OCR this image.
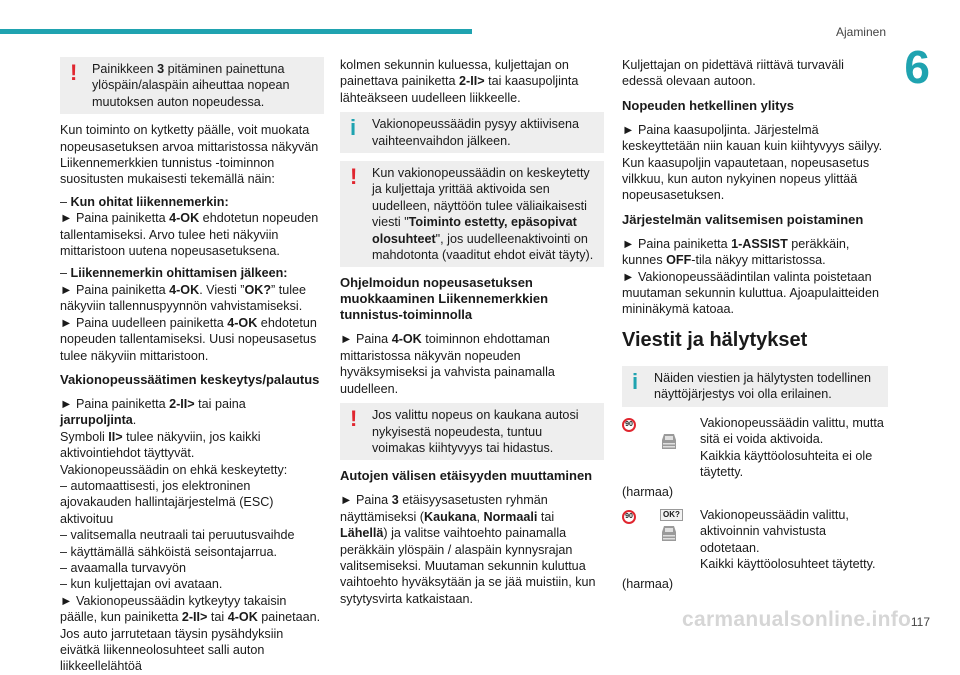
Ajaminen
6
!	Painikkeen 3 pitäminen painettuna ylöspäin/alaspäin aiheuttaa nopean muutoksen auton nopeudessa.

Kun toiminto on kytketty päälle, voit muokata nopeusasetuksen arvoa mittaristossa näkyvän Liikennemerkkien tunnistus -toiminnon suositusten mukaisesti tekemällä näin:

– Kun ohitat liikennemerkin:

► Paina painiketta 4-OK ehdotetun nopeuden tallentamiseksi. Arvo tulee heti näkyviin mittaristoon uutena nopeusasetuksena.

– Liikennemerkin ohittamisen jälkeen:
► Paina painiketta 4-OK. Viesti ”OK?” tulee näkyviin tallennuspyynnön vahvistamiseksi.

► Paina uudelleen painiketta 4-OK ehdotetun nopeuden tallentamiseksi. Uusi nopeusasetus tulee näkyviin mittaristoon.

Vakionopeussäätimen keskeytys/palautus
► Paina painiketta 2-II> tai paina jarrupoljinta.
Symboli II> tulee näkyviin, jos kaikki aktivointiehdot täyttyvät.
Vakionopeussäädin on ehkä keskeytetty:
– automaattisesti, jos elektroninen ajovakauden hallintajärjestelmä (ESC) aktivoituu
– valitsemalla neutraali tai peruutusvaihde
– käyttämällä sähköistä seisontajarrua.
– avaamalla turvavyön
– kun kuljettajan ovi avataan.
► Vakionopeussäädin kytkeytyy takaisin päälle, kun painiketta 2-II> tai 4-OK painetaan.
Jos auto jarrutetaan täysin pysähdyksiin eivätkä liikenneolosuhteet salli auton liikkeellelähtöä

kolmen sekunnin kuluessa, kuljettajan on painettava painiketta 2-II> tai kaasupoljinta lähteäkseen uudelleen liikkeelle.

i	Vakionopeussäädin pysyy aktiivisena vaihteenvaihdon jälkeen.
!	Kun vakionopeussäädin on keskeytetty ja kuljettaja yrittää aktivoida sen uudelleen, näyttöön tulee väliaikaisesti viesti "Toiminto estetty, epäsopivat olosuhteet", jos uudelleenaktivointi on mahdotonta (vaaditut ehdot eivät täyty).
Ohjelmoidun nopeusasetuksen muokkaaminen Liikennemerkkien tunnistus-toiminnolla

► Paina 4-OK toiminnon ehdottaman mittaristossa näkyvän nopeuden hyväksymiseksi ja vahvista painamalla uudelleen.

!	Jos valittu nopeus on kaukana autosi nykyisestä nopeudesta, tuntuu voimakas kiihtyvyys tai hidastus.
Autojen välisen etäisyyden muuttaminen

► Paina 3 etäisyysasetusten ryhmän näyttämiseksi (Kaukana, Normaali tai Lähellä) ja valitse vaihtoehto painamalla peräkkäin ylöspäin / alaspäin kynnysrajan valitsemiseksi. Muutaman sekunnin kuluttua vaihtoehto hyväksytään ja se jää muistiin, kun sytytysvirta katkaistaan.

Kuljettajan on pidettävä riittävä turvaväli edessä olevaan autoon.

Nopeuden hetkellinen ylitys

► Paina kaasupoljinta. Järjestelmä keskeyttetään niin kauan kuin kiihtyvyys säilyy. Kun kaasupoljin vapautetaan, nopeusasetus vilkkuu, kun auton nykyinen nopeus ylittää nopeusasetuksen.

Järjestelmän valitsemisen poistaminen
► Paina painiketta 1-ASSIST peräkkäin, kunnes OFF-tila näkyy mittaristossa.

► Vakionopeussäädintilan valinta poistetaan muutaman sekunnin kuluttua. Ajoapulaitteiden mininäkymä katoaa.

Viestit ja hälytykset
i	Näiden viestien ja hälytysten todellinen näyttöjärjestys voi olla erilainen.
90	Vakionopeussäädin valittu, mutta sitä ei voida aktivoida.
Kaikkia käyttöolosuhteita ei ole täytetty.

(harmaa)

90	OK? Vakionopeussäädin valittu, aktivoinnin vahvistusta odotetaan.
Kaikki käyttöolosuhteet täytetty.

(harmaa)

carmanualsonline.info 117
